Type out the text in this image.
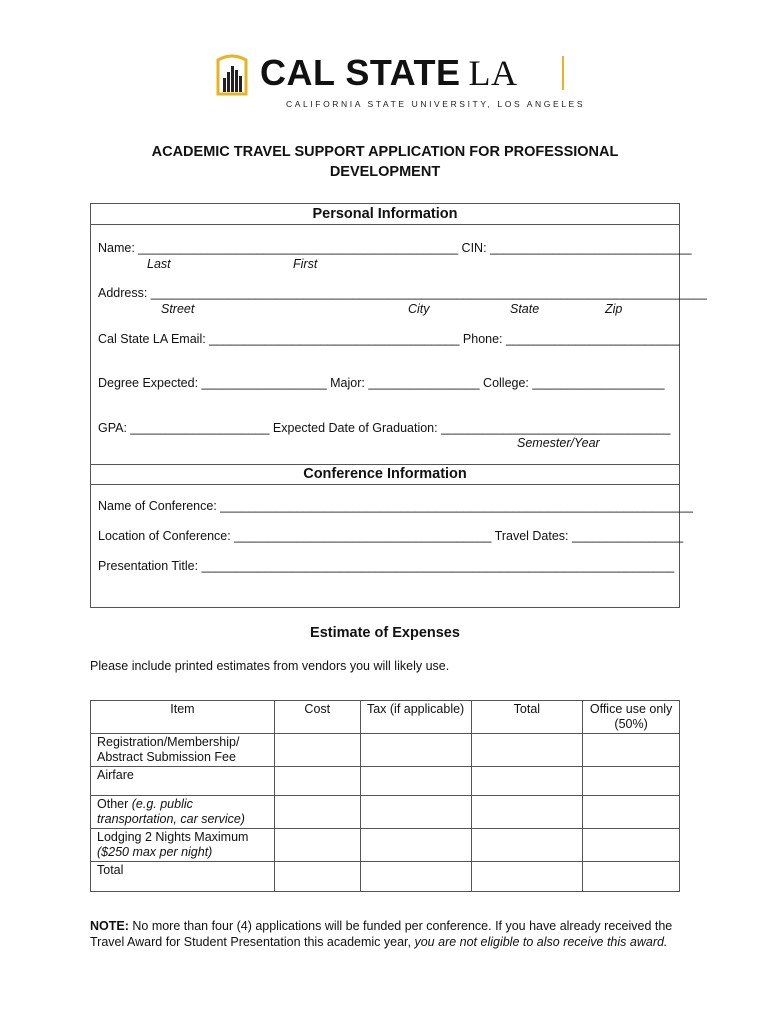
CAL STATE LA
CALIFORNIA STATE UNIVERSITY, LOS ANGELES
ACADEMIC TRAVEL SUPPORT APPLICATION FOR PROFESSIONAL
DEVELOPMENT
Personal Information
Name: ______________________________________________ CIN: _____________________________
Last	First
Address: ________________________________________________________________________________
Street	City	State	Zip
Cal State LA Email: ____________________________________ Phone: _________________________
Degree Expected: __________________ Major: ________________ College: ___________________
GPA: ____________________ Expected Date of Graduation: _________________________________
Semester/Year
Conference Information
Name of Conference: ____________________________________________________________________
Location of Conference: _____________________________________ Travel Dates: ________________
Presentation Title: ____________________________________________________________________
Estimate of Expenses
Please include printed estimates from vendors you will likely use.
Item	Cost	Tax (if applicable)	Total	Office use only (50%)

Registration/Membership/
Abstract Submission Fee				

Airfare				

Other (e.g. public
transportation, car service)				

Lodging 2 Nights Maximum
($250 max per night)				

Total				
NOTE: No more than four (4) applications will be funded per conference. If you have already received the Travel Award for Student Presentation this academic year, you are not eligible to also receive this award.
